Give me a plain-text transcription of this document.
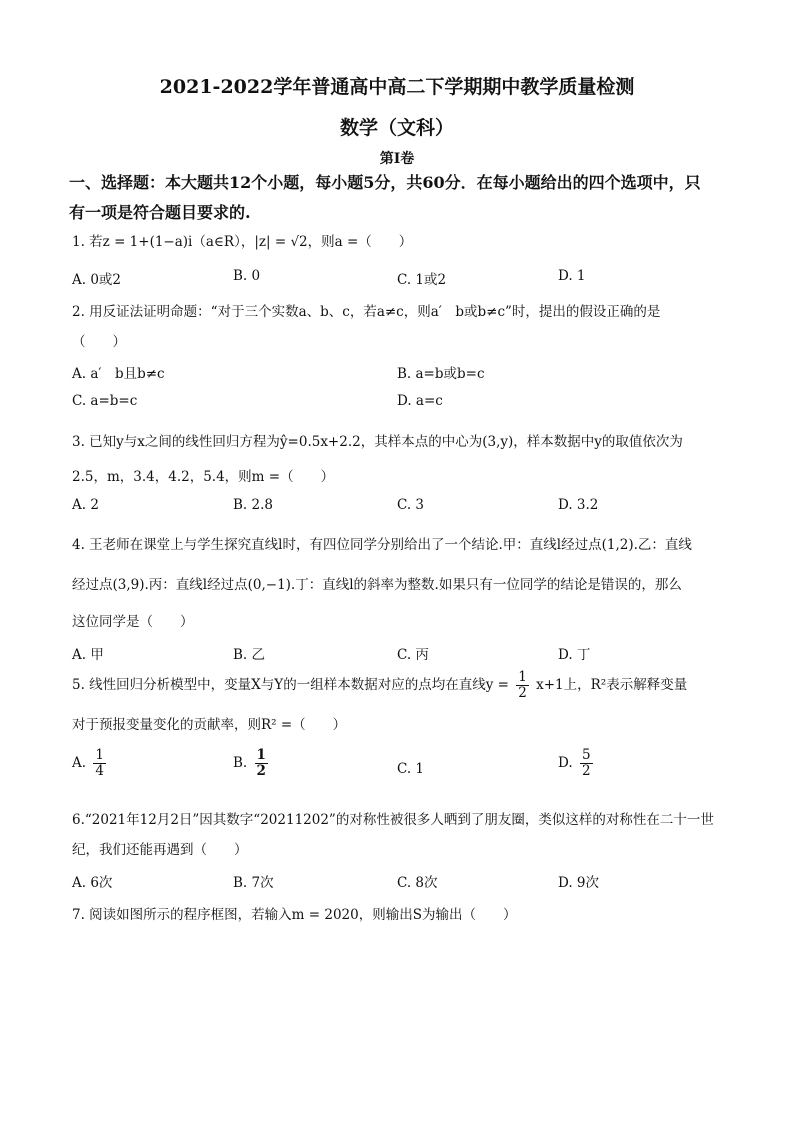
2021-2022学年普通高中高二下学期期中教学质量检测
数学（文科）
第I卷
一、选择题：本大题共12个小题，每小题5分，共60分．在每小题给出的四个选项中，只
有一项是符合题目要求的.
1. 若z = 1+(1−a)i（a∈R），|z| = √2，则a =（　　）
A. 0或2	B. 0	C. 1或2	D. 1
2. 用反证法证明命题：“对于三个实数a、b、c，若a≠c，则a′　b或b≠c”时，提出的假设正确的是
（　　）
A. a′　b且b≠c	B. a=b或b=c
C. a=b=c	D. a=c
3. 已知y与x之间的线性回归方程为ŷ=0.5x+2.2，其样本点的中心为(3,y)，样本数据中y的取值依次为
2.5，m，3.4，4.2，5.4，则m =（　　）
A. 2	B. 2.8	C. 3	D. 3.2
4. 王老师在课堂上与学生探究直线l时，有四位同学分别给出了一个结论.甲：直线l经过点(1,2).乙：直线
经过点(3,9).丙：直线l经过点(0,−1).丁：直线l的斜率为整数.如果只有一位同学的结论是错误的，那么
这位同学是（　　）
A. 甲	B. 乙	C. 丙	D. 丁
5. 线性回归分析模型中，变量X与Y的一组样本数据对应的点均在直线$y = \frac{1}{2} x+1$上，R²表示解释变量
对于预报变量变化的贡献率，则R² =（　　）
A. $\frac{1}{4}$	B. $\frac{1}{2}$	C. 1	D. $\frac{5}{2}$
6.“2021年12月2日”因其数字“20211202”的对称性被很多人晒到了朋友圈，类似这样的对称性在二十一世
纪，我们还能再遇到（　　）
A. 6次	B. 7次	C. 8次	D. 9次
7. 阅读如图所示的程序框图，若输入m = 2020，则输出S为输出（　　）
